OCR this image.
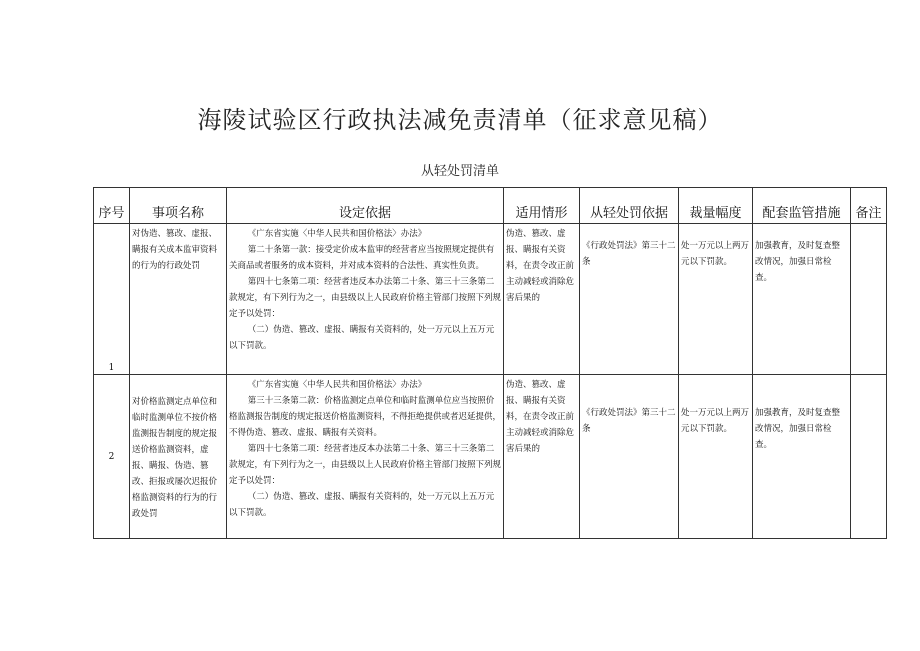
海陵试验区行政执法减免责清单（征求意见稿）
从轻处罚清单
序号	事项名称	设定依据	适用情形	从轻处罚依据	裁量幅度	配套监管措施	备注
1	对伪造、篡改、虚报、瞒报有关成本监审资料的行为的行政处罚	《广东省实施〈中华人民共和国价格法〉办法》

第二十条第一款：接受定价成本监审的经营者应当按照规定提供有关商品或者服务的成本资料，并对成本资料的合法性、真实性负责。

第四十七条第二项：经营者违反本办法第二十条、第三十三条第二款规定，有下列行为之一，由县级以上人民政府价格主管部门按照下列规定予以处罚：

（二）伪造、篡改、虚报、瞒报有关资料的，处一万元以上五万元以下罚款。	伪造、篡改、虚报、瞒报有关资料，在责令改正前主动减轻或消除危害后果的	《行政处罚法》第三十二条	处一万元以上两万元以下罚款。	加强教育，及时复查整改情况，加强日常检查。	

2	对价格监测定点单位和临时监测单位不按价格监测报告制度的规定报送价格监测资料，虚报、瞒报、伪造、篡改、拒报或屡次迟报价格监测资料的行为的行政处罚	《广东省实施〈中华人民共和国价格法〉办法》

第三十三条第二款：价格监测定点单位和临时监测单位应当按照价格监测报告制度的规定报送价格监测资料，不得拒绝提供或者迟延提供，不得伪造、篡改、虚报、瞒报有关资料。

第四十七条第二项：经营者违反本办法第二十条、第三十三条第二款规定，有下列行为之一，由县级以上人民政府价格主管部门按照下列规定予以处罚：

（二）伪造、篡改、虚报、瞒报有关资料的，处一万元以上五万元以下罚款。	伪造、篡改、虚报、瞒报有关资料，在责令改正前主动减轻或消除危害后果的	《行政处罚法》第三十二条	处一万元以上两万元以下罚款。	加强教育，及时复查整改情况，加强日常检查。	
